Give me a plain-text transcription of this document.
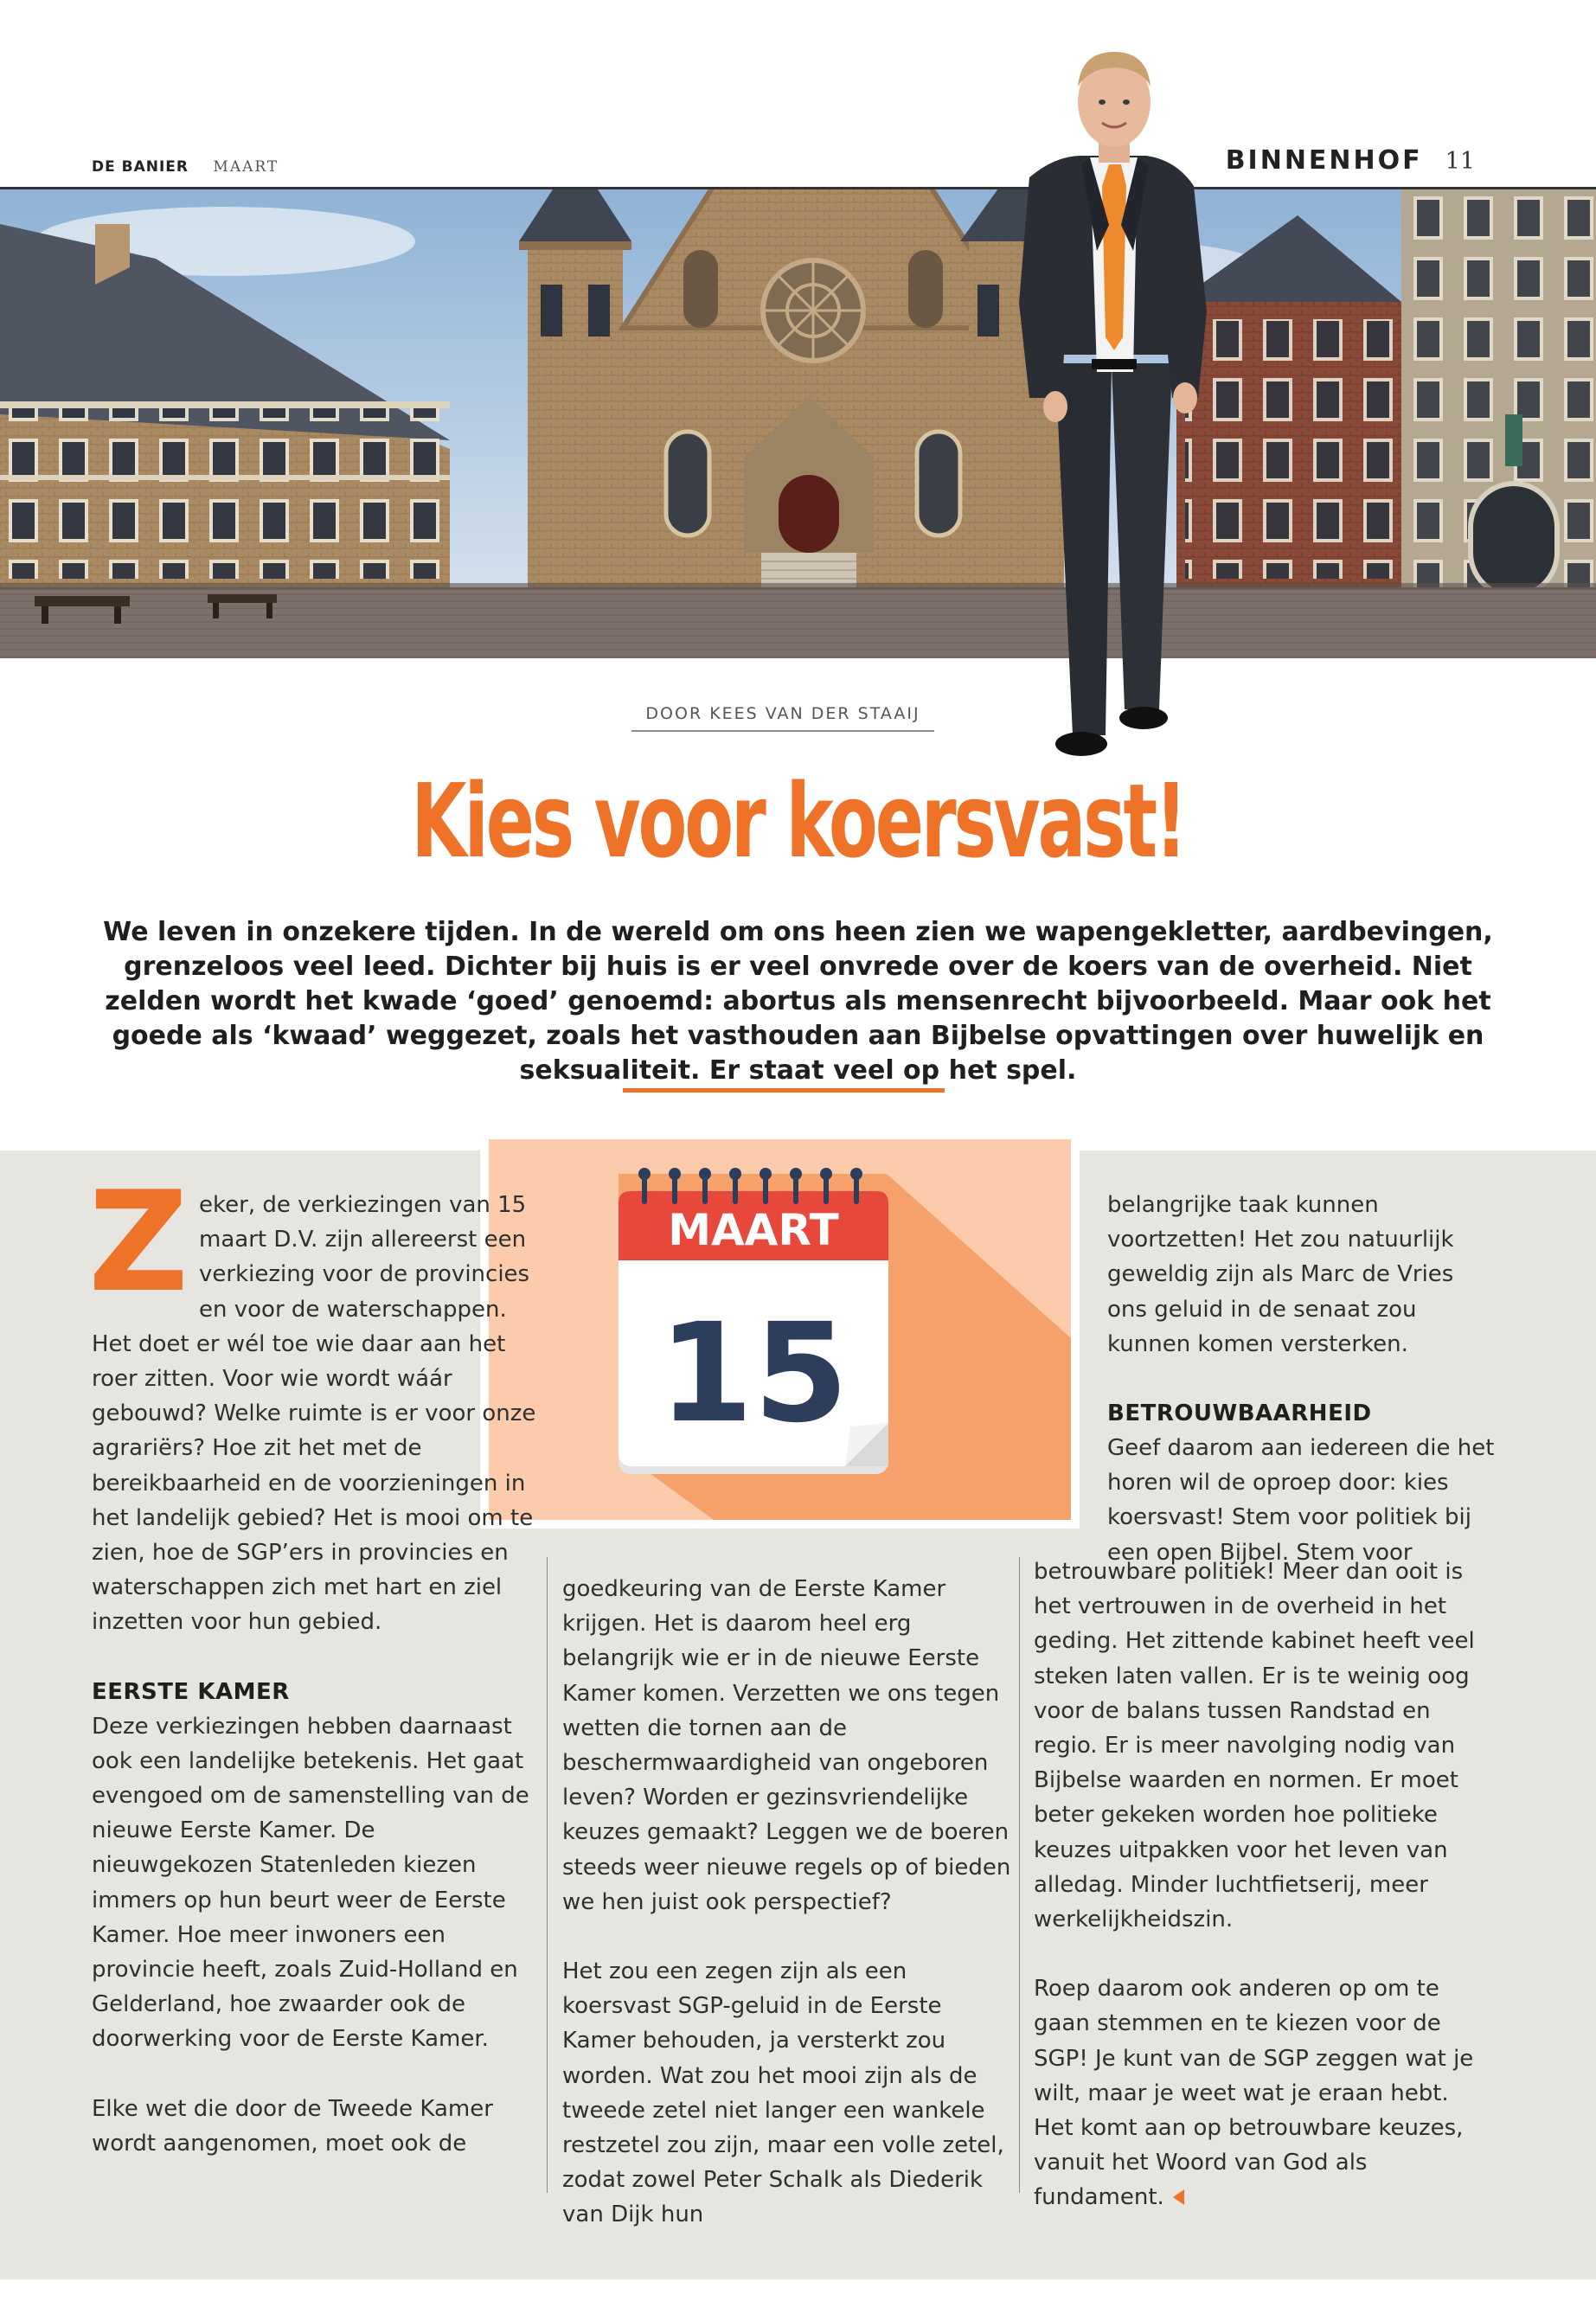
DE BANIER MAART	BINNENHOF 11
DOOR KEES VAN DER STAAIJ
Kies voor koersvast!

We leven in onzekere tijden. In de wereld om ons heen zien we wapengekletter, aardbevingen, grenzeloos veel leed. Dichter bij huis is er veel onvrede over de koers van de overheid. Niet zelden wordt het kwade ‘goed’ genoemd: abortus als mensenrecht bijvoorbeeld. Maar ook het goede als ‘kwaad’ weggezet, zoals het vasthouden aan Bijbelse opvattingen over huwelijk en seksualiteit. Er staat veel op het spel.

MAART
15
Z eker, de verkiezingen van 15 maart D.V. zijn allereerst een verkiezing voor de provincies en voor de waterschappen. Het doet er wél toe wie daar aan het roer zitten. Voor wie wordt wáár gebouwd? Welke ruimte is er voor onze agrariërs? Hoe zit het met de bereikbaarheid en de voorzieningen in het landelijk gebied? Het is mooi om te zien, hoe de SGP’ers in provincies en waterschappen zich met hart en ziel inzetten voor hun gebied.

EERSTE KAMER

Deze verkiezingen hebben daarnaast ook een landelijke betekenis. Het gaat evengoed om de samenstelling van de nieuwe Eerste Kamer. De nieuwgekozen Statenleden kiezen immers op hun beurt weer de Eerste Kamer. Hoe meer inwoners een provincie heeft, zoals Zuid-Holland en Gelderland, hoe zwaarder ook de doorwerking voor de Eerste Kamer.

Elke wet die door de Tweede Kamer wordt aangenomen, moet ook de

goedkeuring van de Eerste Kamer krijgen. Het is daarom heel erg belangrijk wie er in de nieuwe Eerste Kamer komen. Verzetten we ons tegen wetten die tornen aan de beschermwaardigheid van ongeboren leven? Worden er gezinsvriendelijke keuzes gemaakt? Leggen we de boeren steeds weer nieuwe regels op of bieden we hen juist ook perspectief?

Het zou een zegen zijn als een koersvast SGP-geluid in de Eerste Kamer behouden, ja versterkt zou worden. Wat zou het mooi zijn als de tweede zetel niet langer een wankele restzetel zou zijn, maar een volle zetel, zodat zowel Peter Schalk als Diederik van Dijk hun

belangrijke taak kunnen voortzetten! Het zou natuurlijk geweldig zijn als Marc de Vries ons geluid in de senaat zou kunnen komen versterken.

BETROUWBAARHEID

Geef daarom aan iedereen die het horen wil de oproep door: kies koersvast! Stem voor politiek bij een open Bijbel. Stem voor

betrouwbare politiek! Meer dan ooit is het vertrouwen in de overheid in het geding. Het zittende kabinet heeft veel steken laten vallen. Er is te weinig oog voor de balans tussen Randstad en regio. Er is meer navolging nodig van Bijbelse waarden en normen. Er moet beter gekeken worden hoe politieke keuzes uitpakken voor het leven van alledag. Minder luchtfietserij, meer werkelijkheidszin.

Roep daarom ook anderen op om te gaan stemmen en te kiezen voor de SGP! Je kunt van de SGP zeggen wat je wilt, maar je weet wat je eraan hebt. Het komt aan op betrouwbare keuzes, vanuit het Woord van God als fundament.
